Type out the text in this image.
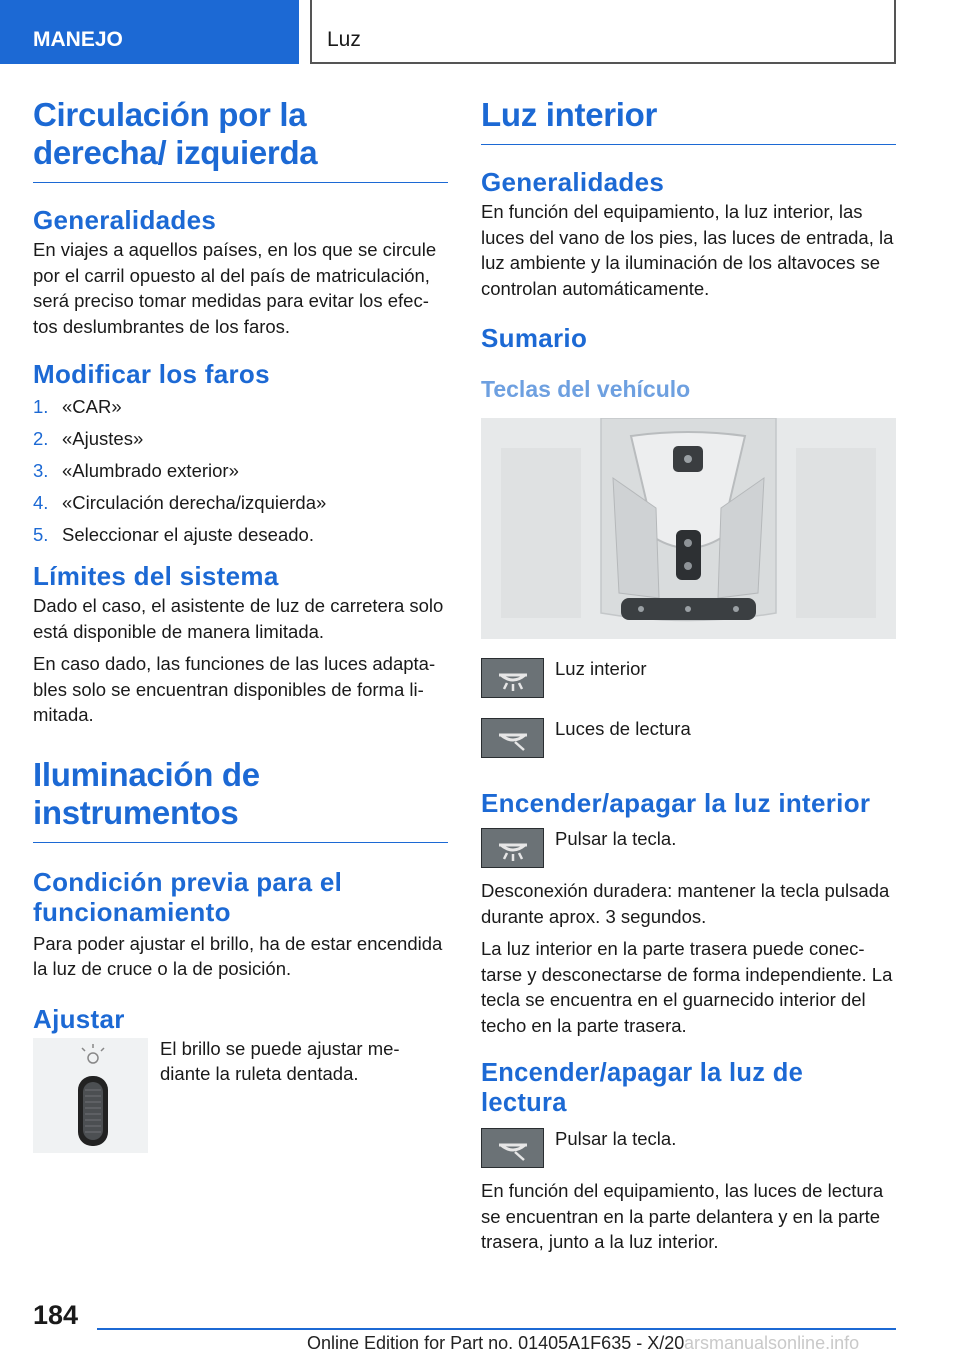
MANEJO	Luz
Circulación por la derecha/ izquierda
Generalidades
En viajes a aquellos países, en los que se circule por el carril opuesto al del país de matriculación, será preciso tomar medidas para evitar los efec-tos deslumbrantes de los faros.
Modificar los faros
1. «CAR»
2. «Ajustes»
3. «Alumbrado exterior»
4. «Circulación derecha/izquierda»
5. Seleccionar el ajuste deseado.
Límites del sistema
Dado el caso, el asistente de luz de carretera solo está disponible de manera limitada.
En caso dado, las funciones de las luces adapta-bles solo se encuentran disponibles de forma li-mitada.
Iluminación de instrumentos
Condición previa para el funcionamiento
Para poder ajustar el brillo, ha de estar encendida la luz de cruce o la de posición.
Ajustar
El brillo se puede ajustar me-diante la ruleta dentada.
Luz interior
Generalidades
En función del equipamiento, la luz interior, las luces del vano de los pies, las luces de entrada, la luz ambiente y la iluminación de los altavoces se controlan automáticamente.
Sumario
Teclas del vehículo
Luz interior
Luces de lectura
Encender/apagar la luz interior
Pulsar la tecla.
Desconexión duradera: mantener la tecla pulsada durante aprox. 3 segundos.
La luz interior en la parte trasera puede conec-tarse y desconectarse de forma independiente. La tecla se encuentra en el guarnecido interior del techo en la parte trasera.
Encender/apagar la luz de lectura
Pulsar la tecla.
En función del equipamiento, las luces de lectura se encuentran en la parte delantera y en la parte trasera, junto a la luz interior.
184
Online Edition for Part no. 01405A1F635 - X/20 arsmanualsonline.info
